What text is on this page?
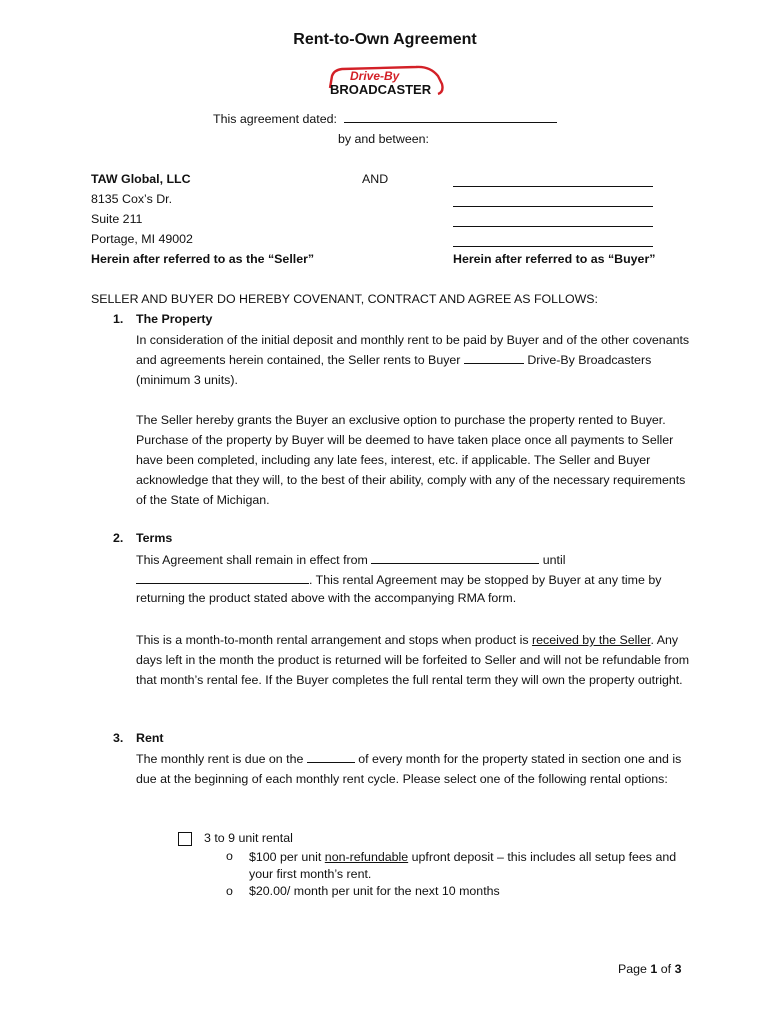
Rent-to-Own Agreement
Drive-By
BROADCASTER
This agreement dated:
by and between:
TAW Global, LLC
8135 Cox’s Dr.
Suite 211
Portage, MI 49002
Herein after referred to as the “Seller”
AND
Herein after referred to as “Buyer”
SELLER AND BUYER DO HEREBY COVENANT, CONTRACT AND AGREE AS FOLLOWS:
1. The Property
In consideration of the initial deposit and monthly rent to be paid by Buyer and of the other covenants and agreements herein contained, the Seller rents to Buyer	Drive-By Broadcasters (minimum 3 units).
The Seller hereby grants the Buyer an exclusive option to purchase the property rented to Buyer. Purchase of the property by Buyer will be deemed to have taken place once all payments to Seller have been completed, including any late fees, interest, etc. if applicable. The Seller and Buyer acknowledge that they will, to the best of their ability, comply with any of the necessary requirements of the State of Michigan.
2. Terms
This Agreement shall remain in effect from	until
. This rental Agreement may be stopped by Buyer at any time by
returning the product stated above with the accompanying RMA form.
This is a month-to-month rental arrangement and stops when product is received by the Seller. Any days left in the month the product is returned will be forfeited to Seller and will not be refundable from that month’s rental fee. If the Buyer completes the full rental term they will own the property outright.
3. Rent
The monthly rent is due on the	of every month for the property stated in section one and is due at the beginning of each monthly rent cycle. Please select one of the following rental options:
3 to 9 unit rental
o $100 per unit non-refundable upfront deposit – this includes all setup fees and your first month’s rent.
o $20.00/ month per unit for the next 10 months
Page 1 of 3
